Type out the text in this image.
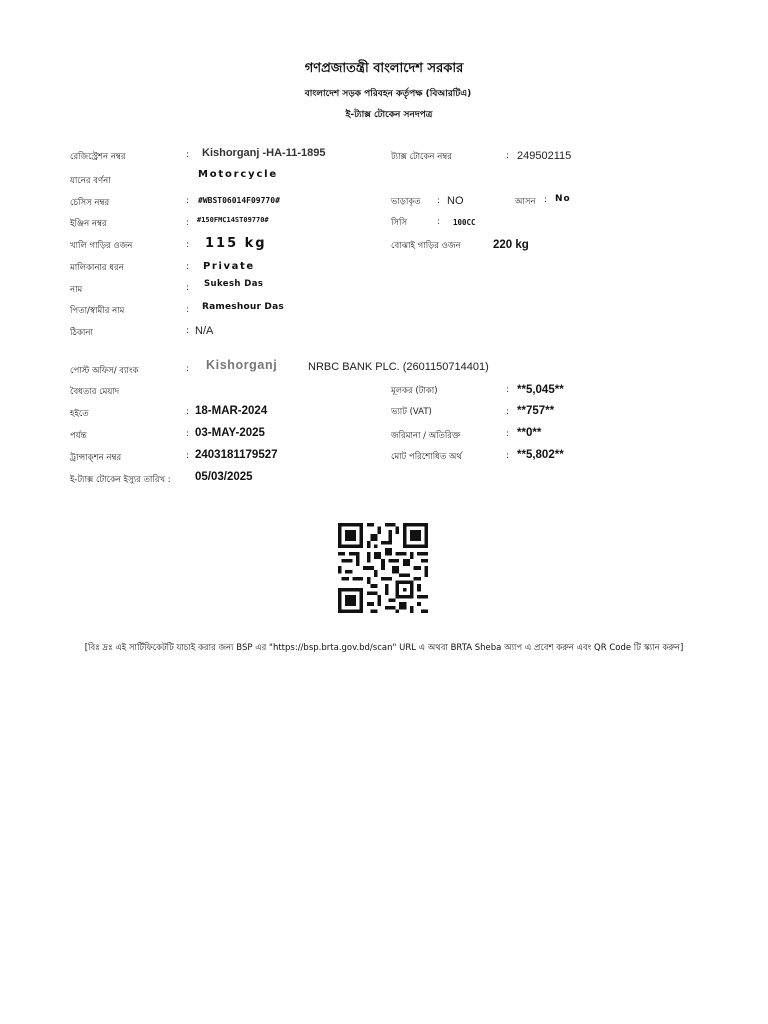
গণপ্রজাতন্ত্রী বাংলাদেশ সরকার
বাংলাদেশ সড়ক পরিবহন কর্তৃপক্ষ (বিআরটিএ)
ই-ট্যাক্স টোকেন সনদপত্র
রেজিস্ট্রেশন নম্বর	: Kishorganj -HA-11-1895	ট্যাক্স টোকেন নম্বর	: 249502115
যানের বর্ণনা
Motorcycle
চেসিস নম্বর	: #WBST06014F09770#	ভাড়াকৃত : NO	আসন : No
ইঞ্জিন নম্বর	: #150FMC14ST09770#	সিসি	: 100CC
খালি গাড়ির ওজন	: 115 kg	বোঝাই গাড়ির ওজন	220 kg
মালিকানার ধরন	: Private
নাম	: Sukesh Das
পিতা/স্বামীর নাম	: Rameshour Das
ঠিকানা	: N/A
পোস্ট অফিস/ ব্যাংক	: Kishorganj	NRBC BANK PLC. (2601150714401)
বৈধতার মেয়াদ	মূলকর (টাকা)	: **5,045**
হইতে	: 18-MAR-2024	ভ্যাট (VAT)	: **757**
পর্যন্ত	: 03-MAY-2025	জরিমানা / অতিরিক্ত	: **0**
ট্রান্সাক্‌শন নম্বর	: 2403181179527	মোট পরিশোধিত অর্থ	: **5,802**
ই-ট্যাক্স টোকেন ইস্যুর তারিখ : 05/03/2025
[বিঃ দ্রঃ এই সার্টিফিকেটটি যাচাই করার জন্য BSP এর "https://bsp.brta.gov.bd/scan" URL এ অথবা BRTA Sheba অ্যাপ এ প্রবেশ করুন এবং QR Code টি স্ক্যান করুন]
